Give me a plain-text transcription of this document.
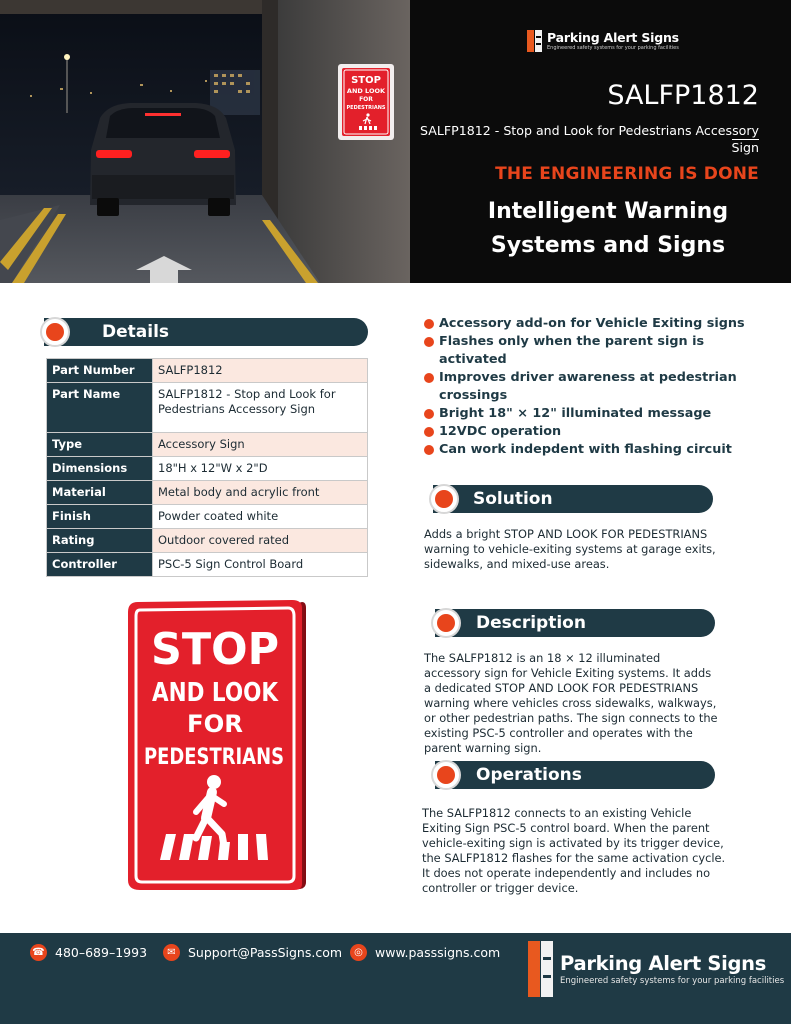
STOP
AND LOOK
FOR
PEDESTRIANS
Parking Alert Signs
Engineered safety systems for your parking facilities
SALFP1812
SALFP1812 - Stop and Look for Pedestrians Accessory
Sign
THE ENGINEERING IS DONE
Intelligent Warning
Systems and Signs
Details
Part Number	SALFP1812
Part Name	SALFP1812 - Stop and Look for Pedestrians Accessory Sign
Type	Accessory Sign
Dimensions	18"H x 12"W x 2"D
Material	Metal body and acrylic front
Finish	Powder coated white
Rating	Outdoor covered rated
Controller	PSC-5 Sign Control Board
Accessory add-on for Vehicle Exiting signs
Flashes only when the parent sign is activated
Improves driver awareness at pedestrian crossings
Bright 18" × 12" illuminated message
12VDC operation
Can work indepdent with flashing circuit
Solution
Adds a bright STOP AND LOOK FOR PEDESTRIANS warning to vehicle-exiting systems at garage exits, sidewalks, and mixed-use areas.
Description
The SALFP1812 is an 18 × 12 illuminated accessory sign for Vehicle Exiting systems. It adds a dedicated STOP AND LOOK FOR PEDESTRIANS warning where vehicles cross sidewalks, walkways, or other pedestrian paths. The sign connects to the existing PSC-5 controller and operates with the parent warning sign.
Operations
The SALFP1812 connects to an existing Vehicle Exiting Sign PSC-5 control board. When the parent vehicle-exiting sign is activated by its trigger device, the SALFP1812 flashes for the same activation cycle. It does not operate independently and includes no controller or trigger device.
STOP
AND LOOK
FOR
PEDESTRIANS
☎ 480–689–1993	✉ Support@PassSigns.com	◎ www.passsigns.com	Parking Alert Signs
Engineered safety systems for your parking facilities
